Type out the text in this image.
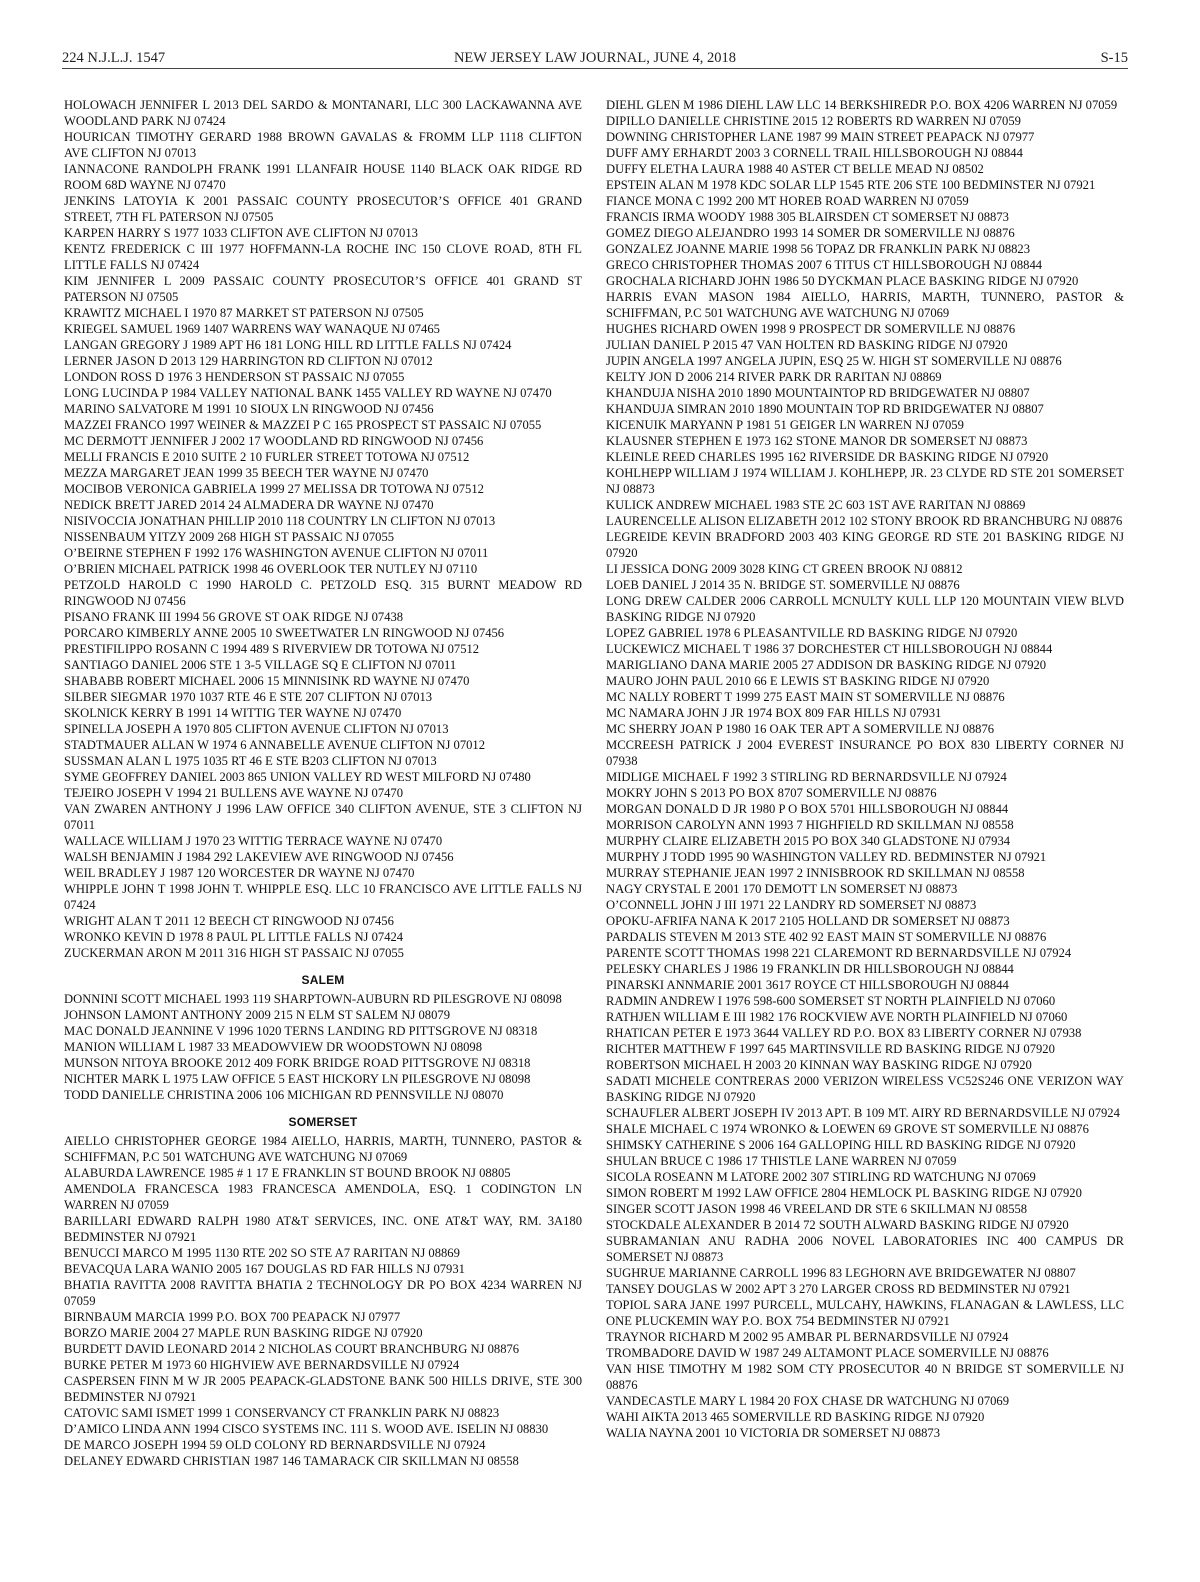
224 N.J.L.J. 1547	NEW JERSEY LAW JOURNAL, JUNE 4, 2018	S-15

HOLOWACH JENNIFER L 2013 DEL SARDO & MONTANARI, LLC 300 LACKAWANNA AVE WOODLAND PARK NJ 07424

HOURICAN TIMOTHY GERARD 1988 BROWN GAVALAS & FROMM LLP 1118 CLIFTON AVE CLIFTON NJ 07013

IANNACONE RANDOLPH FRANK 1991 LLANFAIR HOUSE 1140 BLACK OAK RIDGE RD ROOM 68D WAYNE NJ 07470

JENKINS LATOYIA K 2001 PASSAIC COUNTY PROSECUTOR’S OFFICE 401 GRAND STREET, 7TH FL PATERSON NJ 07505

KARPEN HARRY S 1977 1033 CLIFTON AVE CLIFTON NJ 07013

KENTZ FREDERICK C III 1977 HOFFMANN-LA ROCHE INC 150 CLOVE ROAD, 8TH FL LITTLE FALLS NJ 07424

KIM JENNIFER L 2009 PASSAIC COUNTY PROSECUTOR’S OFFICE 401 GRAND ST PATERSON NJ 07505

KRAWITZ MICHAEL I 1970 87 MARKET ST PATERSON NJ 07505

KRIEGEL SAMUEL 1969 1407 WARRENS WAY WANAQUE NJ 07465

LANGAN GREGORY J 1989 APT H6 181 LONG HILL RD LITTLE FALLS NJ 07424

LERNER JASON D 2013 129 HARRINGTON RD CLIFTON NJ 07012

LONDON ROSS D 1976 3 HENDERSON ST PASSAIC NJ 07055

LONG LUCINDA P 1984 VALLEY NATIONAL BANK 1455 VALLEY RD WAYNE NJ 07470

MARINO SALVATORE M 1991 10 SIOUX LN RINGWOOD NJ 07456

MAZZEI FRANCO 1997 WEINER & MAZZEI P C 165 PROSPECT ST PASSAIC NJ 07055

MC DERMOTT JENNIFER J 2002 17 WOODLAND RD RINGWOOD NJ 07456

MELLI FRANCIS E 2010 SUITE 2 10 FURLER STREET TOTOWA NJ 07512

MEZZA MARGARET JEAN 1999 35 BEECH TER WAYNE NJ 07470

MOCIBOB VERONICA GABRIELA 1999 27 MELISSA DR TOTOWA NJ 07512

NEDICK BRETT JARED 2014 24 ALMADERA DR WAYNE NJ 07470

NISIVOCCIA JONATHAN PHILLIP 2010 118 COUNTRY LN CLIFTON NJ 07013

NISSENBAUM YITZY 2009 268 HIGH ST PASSAIC NJ 07055

O’BEIRNE STEPHEN F 1992 176 WASHINGTON AVENUE CLIFTON NJ 07011

O’BRIEN MICHAEL PATRICK 1998 46 OVERLOOK TER NUTLEY NJ 07110

PETZOLD HAROLD C 1990 HAROLD C. PETZOLD ESQ. 315 BURNT MEADOW RD RINGWOOD NJ 07456

PISANO FRANK III 1994 56 GROVE ST OAK RIDGE NJ 07438

PORCARO KIMBERLY ANNE 2005 10 SWEETWATER LN RINGWOOD NJ 07456

PRESTIFILIPPO ROSANN C 1994 489 S RIVERVIEW DR TOTOWA NJ 07512

SANTIAGO DANIEL 2006 STE 1 3-5 VILLAGE SQ E CLIFTON NJ 07011

SHABABB ROBERT MICHAEL 2006 15 MINNISINK RD WAYNE NJ 07470

SILBER SIEGMAR 1970 1037 RTE 46 E STE 207 CLIFTON NJ 07013

SKOLNICK KERRY B 1991 14 WITTIG TER WAYNE NJ 07470

SPINELLA JOSEPH A 1970 805 CLIFTON AVENUE CLIFTON NJ 07013

STADTMAUER ALLAN W 1974 6 ANNABELLE AVENUE CLIFTON NJ 07012

SUSSMAN ALAN L 1975 1035 RT 46 E STE B203 CLIFTON NJ 07013

SYME GEOFFREY DANIEL 2003 865 UNION VALLEY RD WEST MILFORD NJ 07480

TEJEIRO JOSEPH V 1994 21 BULLENS AVE WAYNE NJ 07470

VAN ZWAREN ANTHONY J 1996 LAW OFFICE 340 CLIFTON AVENUE, STE 3 CLIFTON NJ 07011

WALLACE WILLIAM J 1970 23 WITTIG TERRACE WAYNE NJ 07470

WALSH BENJAMIN J 1984 292 LAKEVIEW AVE RINGWOOD NJ 07456

WEIL BRADLEY J 1987 120 WORCESTER DR WAYNE NJ 07470

WHIPPLE JOHN T 1998 JOHN T. WHIPPLE ESQ. LLC 10 FRANCISCO AVE LITTLE FALLS NJ 07424

WRIGHT ALAN T 2011 12 BEECH CT RINGWOOD NJ 07456

WRONKO KEVIN D 1978 8 PAUL PL LITTLE FALLS NJ 07424

ZUCKERMAN ARON M 2011 316 HIGH ST PASSAIC NJ 07055

SALEM

DONNINI SCOTT MICHAEL 1993 119 SHARPTOWN-AUBURN RD PILESGROVE NJ 08098

JOHNSON LAMONT ANTHONY 2009 215 N ELM ST SALEM NJ 08079

MAC DONALD JEANNINE V 1996 1020 TERNS LANDING RD PITTSGROVE NJ 08318

MANION WILLIAM L 1987 33 MEADOWVIEW DR WOODSTOWN NJ 08098

MUNSON NITOYA BROOKE 2012 409 FORK BRIDGE ROAD PITTSGROVE NJ 08318

NICHTER MARK L 1975 LAW OFFICE 5 EAST HICKORY LN PILESGROVE NJ 08098

TODD DANIELLE CHRISTINA 2006 106 MICHIGAN RD PENNSVILLE NJ 08070

SOMERSET

AIELLO CHRISTOPHER GEORGE 1984 AIELLO, HARRIS, MARTH, TUNNERO, PASTOR & SCHIFFMAN, P.C 501 WATCHUNG AVE WATCHUNG NJ 07069

ALABURDA LAWRENCE 1985 # 1 17 E FRANKLIN ST BOUND BROOK NJ 08805

AMENDOLA FRANCESCA 1983 FRANCESCA AMENDOLA, ESQ. 1 CODINGTON LN WARREN NJ 07059

BARILLARI EDWARD RALPH 1980 AT&T SERVICES, INC. ONE AT&T WAY, RM. 3A180 BEDMINSTER NJ 07921

BENUCCI MARCO M 1995 1130 RTE 202 SO STE A7 RARITAN NJ 08869

BEVACQUA LARA WANIO 2005 167 DOUGLAS RD FAR HILLS NJ 07931

BHATIA RAVITTA 2008 RAVITTA BHATIA 2 TECHNOLOGY DR PO BOX 4234 WARREN NJ 07059

BIRNBAUM MARCIA 1999 P.O. BOX 700 PEAPACK NJ 07977

BORZO MARIE 2004 27 MAPLE RUN BASKING RIDGE NJ 07920

BURDETT DAVID LEONARD 2014 2 NICHOLAS COURT BRANCHBURG NJ 08876

BURKE PETER M 1973 60 HIGHVIEW AVE BERNARDSVILLE NJ 07924

CASPERSEN FINN M W JR 2005 PEAPACK-GLADSTONE BANK 500 HILLS DRIVE, STE 300 BEDMINSTER NJ 07921

CATOVIC SAMI ISMET 1999 1 CONSERVANCY CT FRANKLIN PARK NJ 08823

D’AMICO LINDA ANN 1994 CISCO SYSTEMS INC. 111 S. WOOD AVE. ISELIN NJ 08830

DE MARCO JOSEPH 1994 59 OLD COLONY RD BERNARDSVILLE NJ 07924

DELANEY EDWARD CHRISTIAN 1987 146 TAMARACK CIR SKILLMAN NJ 08558

DIEHL GLEN M 1986 DIEHL LAW LLC 14 BERKSHIREDR P.O. BOX 4206 WARREN NJ 07059

DIPILLO DANIELLE CHRISTINE 2015 12 ROBERTS RD WARREN NJ 07059

DOWNING CHRISTOPHER LANE 1987 99 MAIN STREET PEAPACK NJ 07977

DUFF AMY ERHARDT 2003 3 CORNELL TRAIL HILLSBOROUGH NJ 08844

DUFFY ELETHA LAURA 1988 40 ASTER CT BELLE MEAD NJ 08502

EPSTEIN ALAN M 1978 KDC SOLAR LLP 1545 RTE 206 STE 100 BEDMINSTER NJ 07921

FIANCE MONA C 1992 200 MT HOREB ROAD WARREN NJ 07059

FRANCIS IRMA WOODY 1988 305 BLAIRSDEN CT SOMERSET NJ 08873

GOMEZ DIEGO ALEJANDRO 1993 14 SOMER DR SOMERVILLE NJ 08876

GONZALEZ JOANNE MARIE 1998 56 TOPAZ DR FRANKLIN PARK NJ 08823

GRECO CHRISTOPHER THOMAS 2007 6 TITUS CT HILLSBOROUGH NJ 08844

GROCHALA RICHARD JOHN 1986 50 DYCKMAN PLACE BASKING RIDGE NJ 07920

HARRIS EVAN MASON 1984 AIELLO, HARRIS, MARTH, TUNNERO, PASTOR & SCHIFFMAN, P.C 501 WATCHUNG AVE WATCHUNG NJ 07069

HUGHES RICHARD OWEN 1998 9 PROSPECT DR SOMERVILLE NJ 08876

JULIAN DANIEL P 2015 47 VAN HOLTEN RD BASKING RIDGE NJ 07920

JUPIN ANGELA 1997 ANGELA JUPIN, ESQ 25 W. HIGH ST SOMERVILLE NJ 08876

KELTY JON D 2006 214 RIVER PARK DR RARITAN NJ 08869

KHANDUJA NISHA 2010 1890 MOUNTAINTOP RD BRIDGEWATER NJ 08807

KHANDUJA SIMRAN 2010 1890 MOUNTAIN TOP RD BRIDGEWATER NJ 08807

KICENUIK MARYANN P 1981 51 GEIGER LN WARREN NJ 07059

KLAUSNER STEPHEN E 1973 162 STONE MANOR DR SOMERSET NJ 08873

KLEINLE REED CHARLES 1995 162 RIVERSIDE DR BASKING RIDGE NJ 07920

KOHLHEPP WILLIAM J 1974 WILLIAM J. KOHLHEPP, JR. 23 CLYDE RD STE 201 SOMERSET NJ 08873

KULICK ANDREW MICHAEL 1983 STE 2C 603 1ST AVE RARITAN NJ 08869

LAURENCELLE ALISON ELIZABETH 2012 102 STONY BROOK RD BRANCHBURG NJ 08876

LEGREIDE KEVIN BRADFORD 2003 403 KING GEORGE RD STE 201 BASKING RIDGE NJ 07920

LI JESSICA DONG 2009 3028 KING CT GREEN BROOK NJ 08812

LOEB DANIEL J 2014 35 N. BRIDGE ST. SOMERVILLE NJ 08876

LONG DREW CALDER 2006 CARROLL MCNULTY KULL LLP 120 MOUNTAIN VIEW BLVD BASKING RIDGE NJ 07920

LOPEZ GABRIEL 1978 6 PLEASANTVILLE RD BASKING RIDGE NJ 07920

LUCKEWICZ MICHAEL T 1986 37 DORCHESTER CT HILLSBOROUGH NJ 08844

MARIGLIANO DANA MARIE 2005 27 ADDISON DR BASKING RIDGE NJ 07920

MAURO JOHN PAUL 2010 66 E LEWIS ST BASKING RIDGE NJ 07920

MC NALLY ROBERT T 1999 275 EAST MAIN ST SOMERVILLE NJ 08876

MC NAMARA JOHN J JR 1974 BOX 809 FAR HILLS NJ 07931

MC SHERRY JOAN P 1980 16 OAK TER APT A SOMERVILLE NJ 08876

MCCREESH PATRICK J 2004 EVEREST INSURANCE PO BOX 830 LIBERTY CORNER NJ 07938

MIDLIGE MICHAEL F 1992 3 STIRLING RD BERNARDSVILLE NJ 07924

MOKRY JOHN S 2013 PO BOX 8707 SOMERVILLE NJ 08876

MORGAN DONALD D JR 1980 P O BOX 5701 HILLSBOROUGH NJ 08844

MORRISON CAROLYN ANN 1993 7 HIGHFIELD RD SKILLMAN NJ 08558

MURPHY CLAIRE ELIZABETH 2015 PO BOX 340 GLADSTONE NJ 07934

MURPHY J TODD 1995 90 WASHINGTON VALLEY RD. BEDMINSTER NJ 07921

MURRAY STEPHANIE JEAN 1997 2 INNISBROOK RD SKILLMAN NJ 08558

NAGY CRYSTAL E 2001 170 DEMOTT LN SOMERSET NJ 08873

O’CONNELL JOHN J III 1971 22 LANDRY RD SOMERSET NJ 08873

OPOKU-AFRIFA NANA K 2017 2105 HOLLAND DR SOMERSET NJ 08873

PARDALIS STEVEN M 2013 STE 402 92 EAST MAIN ST SOMERVILLE NJ 08876

PARENTE SCOTT THOMAS 1998 221 CLAREMONT RD BERNARDSVILLE NJ 07924

PELESKY CHARLES J 1986 19 FRANKLIN DR HILLSBOROUGH NJ 08844

PINARSKI ANNMARIE 2001 3617 ROYCE CT HILLSBOROUGH NJ 08844

RADMIN ANDREW I 1976 598-600 SOMERSET ST NORTH PLAINFIELD NJ 07060

RATHJEN WILLIAM E III 1982 176 ROCKVIEW AVE NORTH PLAINFIELD NJ 07060

RHATICAN PETER E 1973 3644 VALLEY RD P.O. BOX 83 LIBERTY CORNER NJ 07938

RICHTER MATTHEW F 1997 645 MARTINSVILLE RD BASKING RIDGE NJ 07920

ROBERTSON MICHAEL H 2003 20 KINNAN WAY BASKING RIDGE NJ 07920

SADATI MICHELE CONTRERAS 2000 VERIZON WIRELESS VC52S246 ONE VERIZON WAY BASKING RIDGE NJ 07920

SCHAUFLER ALBERT JOSEPH IV 2013 APT. B 109 MT. AIRY RD BERNARDSVILLE NJ 07924

SHALE MICHAEL C 1974 WRONKO & LOEWEN 69 GROVE ST SOMERVILLE NJ 08876

SHIMSKY CATHERINE S 2006 164 GALLOPING HILL RD BASKING RIDGE NJ 07920

SHULAN BRUCE C 1986 17 THISTLE LANE WARREN NJ 07059

SICOLA ROSEANN M LATORE 2002 307 STIRLING RD WATCHUNG NJ 07069

SIMON ROBERT M 1992 LAW OFFICE 2804 HEMLOCK PL BASKING RIDGE NJ 07920

SINGER SCOTT JASON 1998 46 VREELAND DR STE 6 SKILLMAN NJ 08558

STOCKDALE ALEXANDER B 2014 72 SOUTH ALWARD BASKING RIDGE NJ 07920

SUBRAMANIAN ANU RADHA 2006 NOVEL LABORATORIES INC 400 CAMPUS DR SOMERSET NJ 08873

SUGHRUE MARIANNE CARROLL 1996 83 LEGHORN AVE BRIDGEWATER NJ 08807

TANSEY DOUGLAS W 2002 APT 3 270 LARGER CROSS RD BEDMINSTER NJ 07921

TOPIOL SARA JANE 1997 PURCELL, MULCAHY, HAWKINS, FLANAGAN & LAWLESS, LLC ONE PLUCKEMIN WAY P.O. BOX 754 BEDMINSTER NJ 07921

TRAYNOR RICHARD M 2002 95 AMBAR PL BERNARDSVILLE NJ 07924

TROMBADORE DAVID W 1987 249 ALTAMONT PLACE SOMERVILLE NJ 08876

VAN HISE TIMOTHY M 1982 SOM CTY PROSECUTOR 40 N BRIDGE ST SOMERVILLE NJ 08876

VANDECASTLE MARY L 1984 20 FOX CHASE DR WATCHUNG NJ 07069

WAHI AIKTA 2013 465 SOMERVILLE RD BASKING RIDGE NJ 07920

WALIA NAYNA 2001 10 VICTORIA DR SOMERSET NJ 08873
